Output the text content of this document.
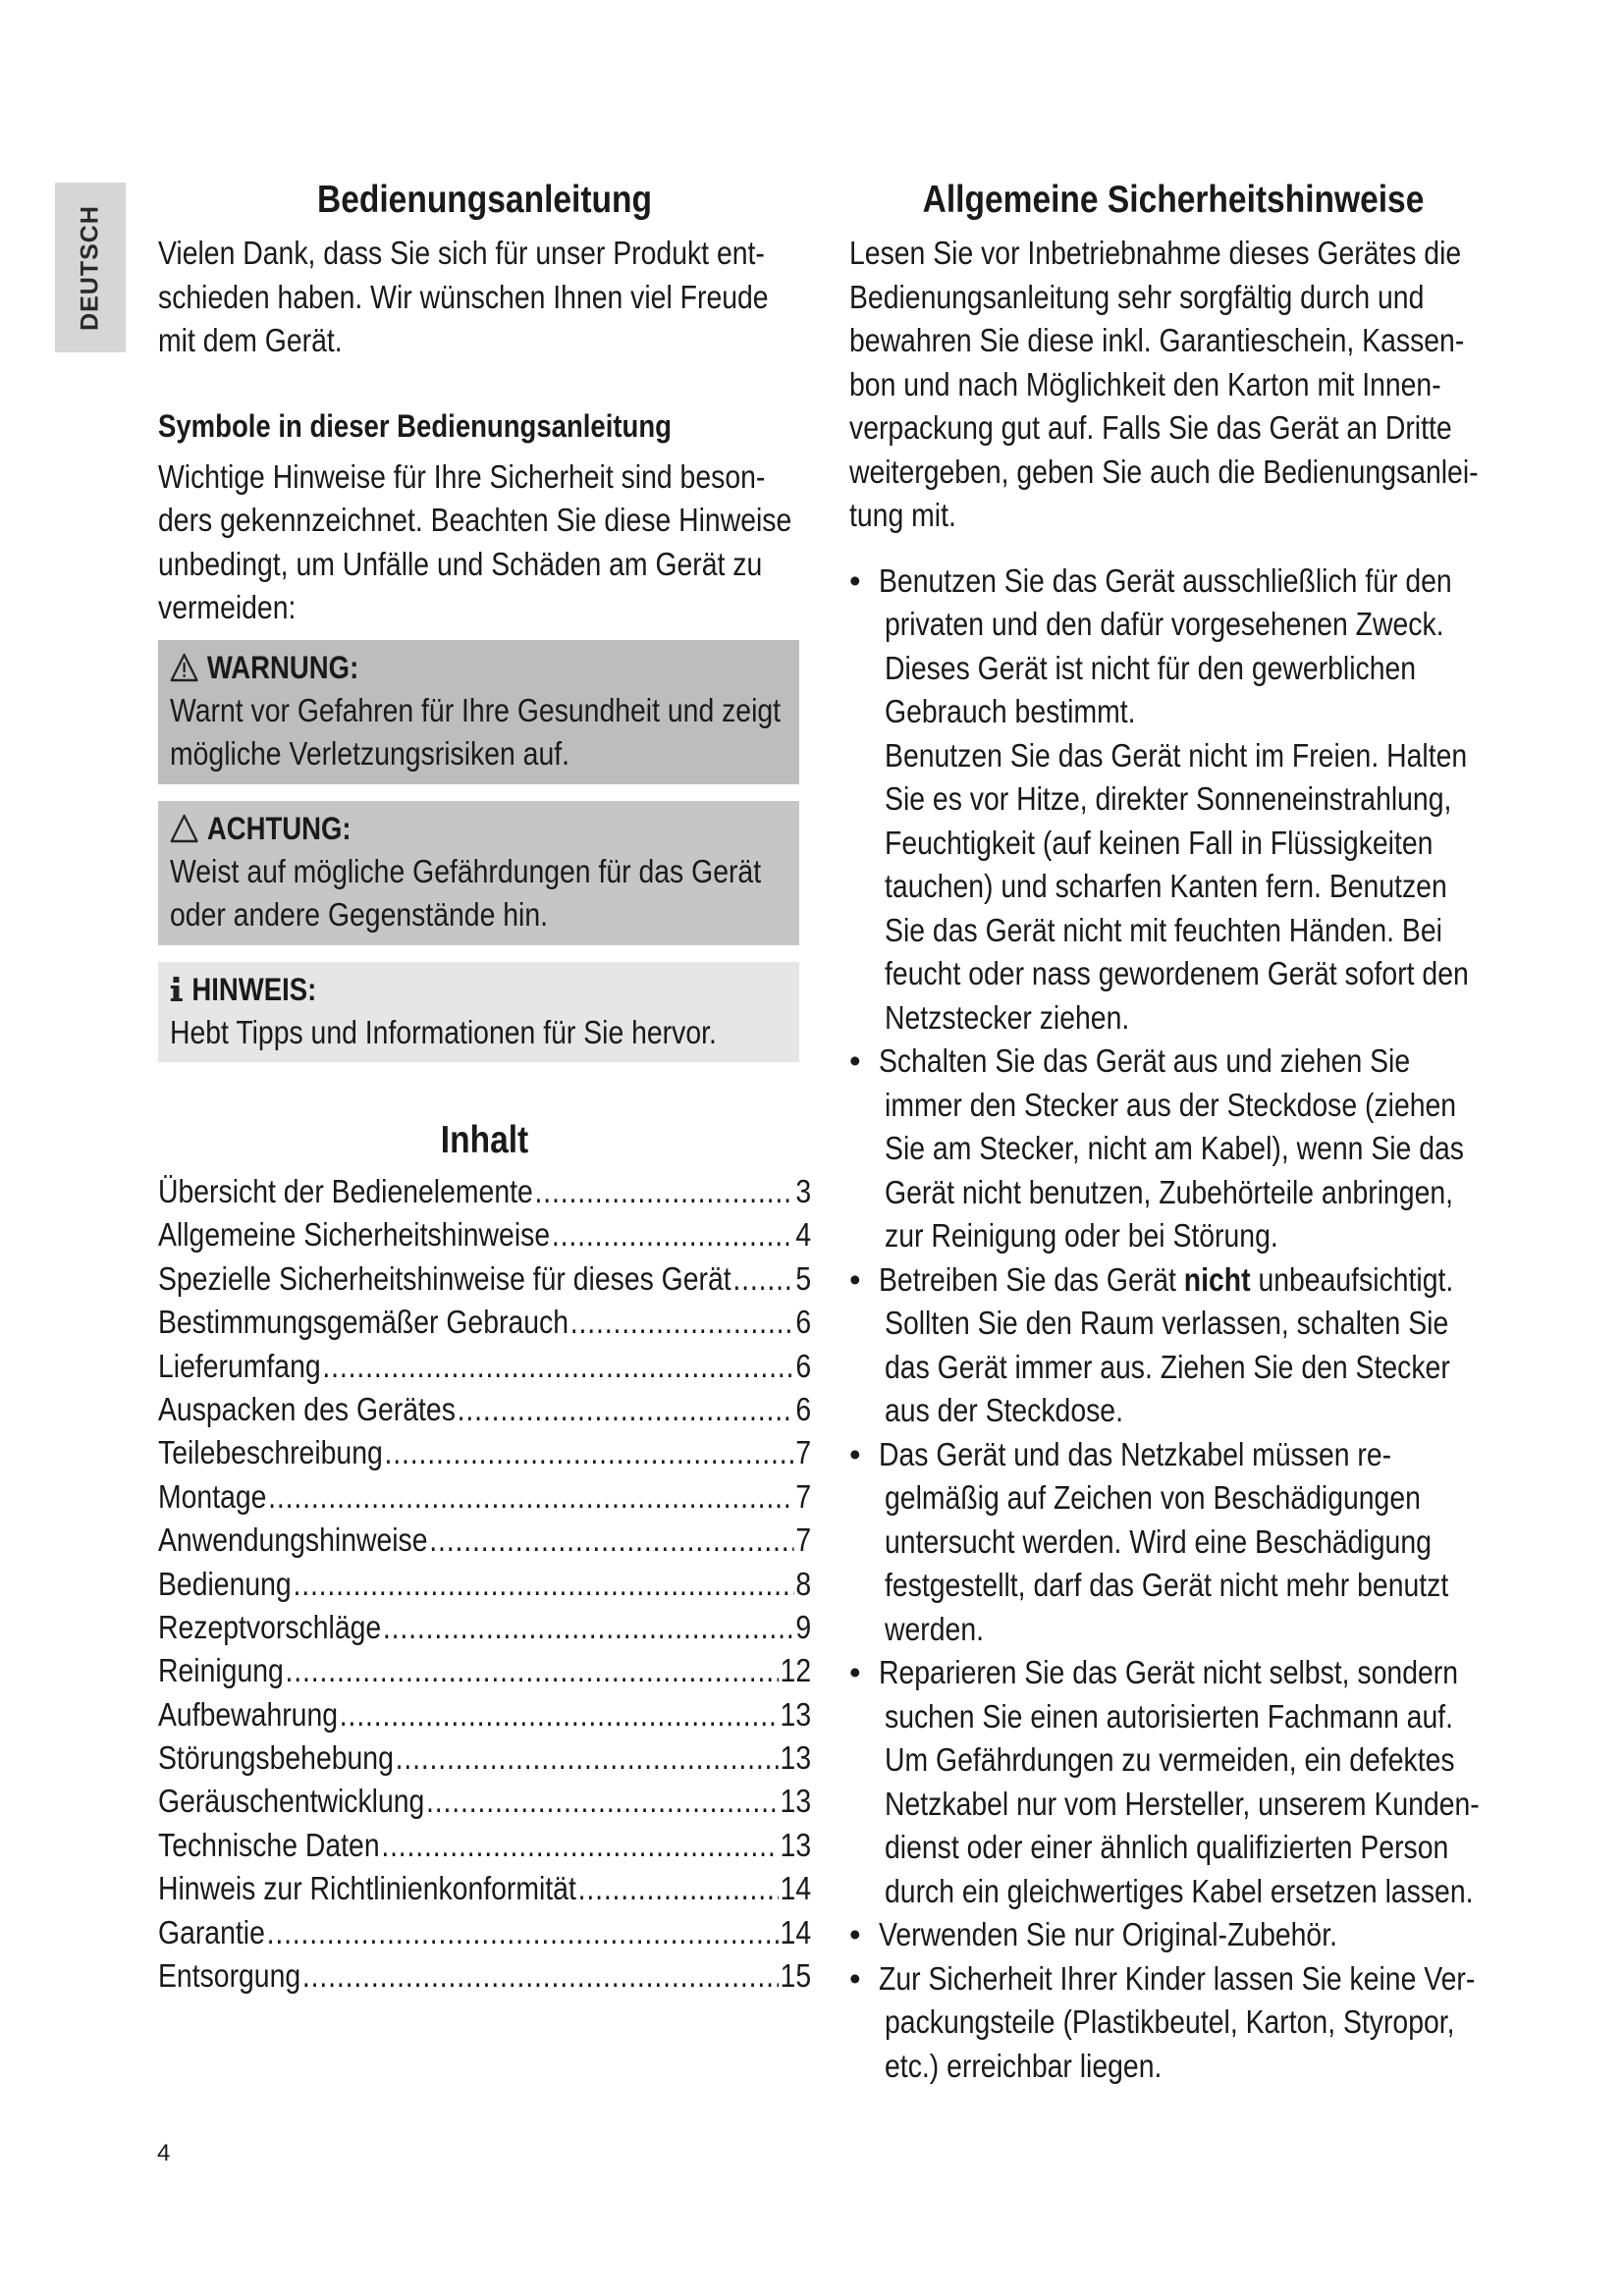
DEUTSCH
Bedienungsanleitung

Vielen Dank, dass Sie sich für unser Produkt ent-
schieden haben. Wir wünschen Ihnen viel Freude
mit dem Gerät.

Symbole in dieser Bedienungsanleitung

Wichtige Hinweise für Ihre Sicherheit sind beson-
ders gekennzeichnet. Beachten Sie diese Hinweise
unbedingt, um Unfälle und Schäden am Gerät zu
vermeiden:

WARNUNG:
Warnt vor Gefahren für Ihre Gesundheit und zeigt
mögliche Verletzungsrisiken auf.
ACHTUNG:
Weist auf mögliche Gefährdungen für das Gerät
oder andere Gegenstände hin.
HINWEIS:
Hebt Tipps und Informationen für Sie hervor.
Inhalt
Übersicht der Bedienelemente .....	3
Allgemeine Sicherheitshinweise .....	4
Spezielle Sicherheitshinweise für dieses Gerät ..... 5
Bestimmungsgemäßer Gebrauch .....	6
Lieferumfang .....	6
Auspacken des Gerätes .....	6
Teilebeschreibung .....	7
Montage .....	7
Anwendungshinweise .....	7
Bedienung .....	8
Rezeptvorschläge .....	9
Reinigung .....	12
Aufbewahrung .....	13
Störungsbehebung .....	13
Geräuschentwicklung .....	13
Technische Daten .....	13
Hinweis zur Richtlinienkonformität .....	14
Garantie .....	14
Entsorgung .....	15
Allgemeine Sicherheitshinweise

Lesen Sie vor Inbetriebnahme dieses Gerätes die
Bedienungsanleitung sehr sorgfältig durch und
bewahren Sie diese inkl. Garantieschein, Kassen-
bon und nach Möglichkeit den Karton mit Innen-
verpackung gut auf. Falls Sie das Gerät an Dritte
weitergeben, geben Sie auch die Bedienungsanlei-
tung mit.

• Benutzen Sie das Gerät ausschließlich für den
privaten und den dafür vorgesehenen Zweck.
Dieses Gerät ist nicht für den gewerblichen
Gebrauch bestimmt.
Benutzen Sie das Gerät nicht im Freien. Halten
Sie es vor Hitze, direkter Sonneneinstrahlung,
Feuchtigkeit (auf keinen Fall in Flüssigkeiten
tauchen) und scharfen Kanten fern. Benutzen
Sie das Gerät nicht mit feuchten Händen. Bei
feucht oder nass gewordenem Gerät sofort den
Netzstecker ziehen.
• Schalten Sie das Gerät aus und ziehen Sie
immer den Stecker aus der Steckdose (ziehen
Sie am Stecker, nicht am Kabel), wenn Sie das
Gerät nicht benutzen, Zubehörteile anbringen,
zur Reinigung oder bei Störung.
• Betreiben Sie das Gerät nicht unbeaufsichtigt.
Sollten Sie den Raum verlassen, schalten Sie
das Gerät immer aus. Ziehen Sie den Stecker
aus der Steckdose.
• Das Gerät und das Netzkabel müssen re-
gelmäßig auf Zeichen von Beschädigungen
untersucht werden. Wird eine Beschädigung
festgestellt, darf das Gerät nicht mehr benutzt
werden.
• Reparieren Sie das Gerät nicht selbst, sondern
suchen Sie einen autorisierten Fachmann auf.
Um Gefährdungen zu vermeiden, ein defektes
Netzkabel nur vom Hersteller, unserem Kunden-
dienst oder einer ähnlich qualifizierten Person
durch ein gleichwertiges Kabel ersetzen lassen.
• Verwenden Sie nur Original-Zubehör.
• Zur Sicherheit Ihrer Kinder lassen Sie keine Ver-
packungsteile (Plastikbeutel, Karton, Styropor,
etc.) erreichbar liegen.
4
